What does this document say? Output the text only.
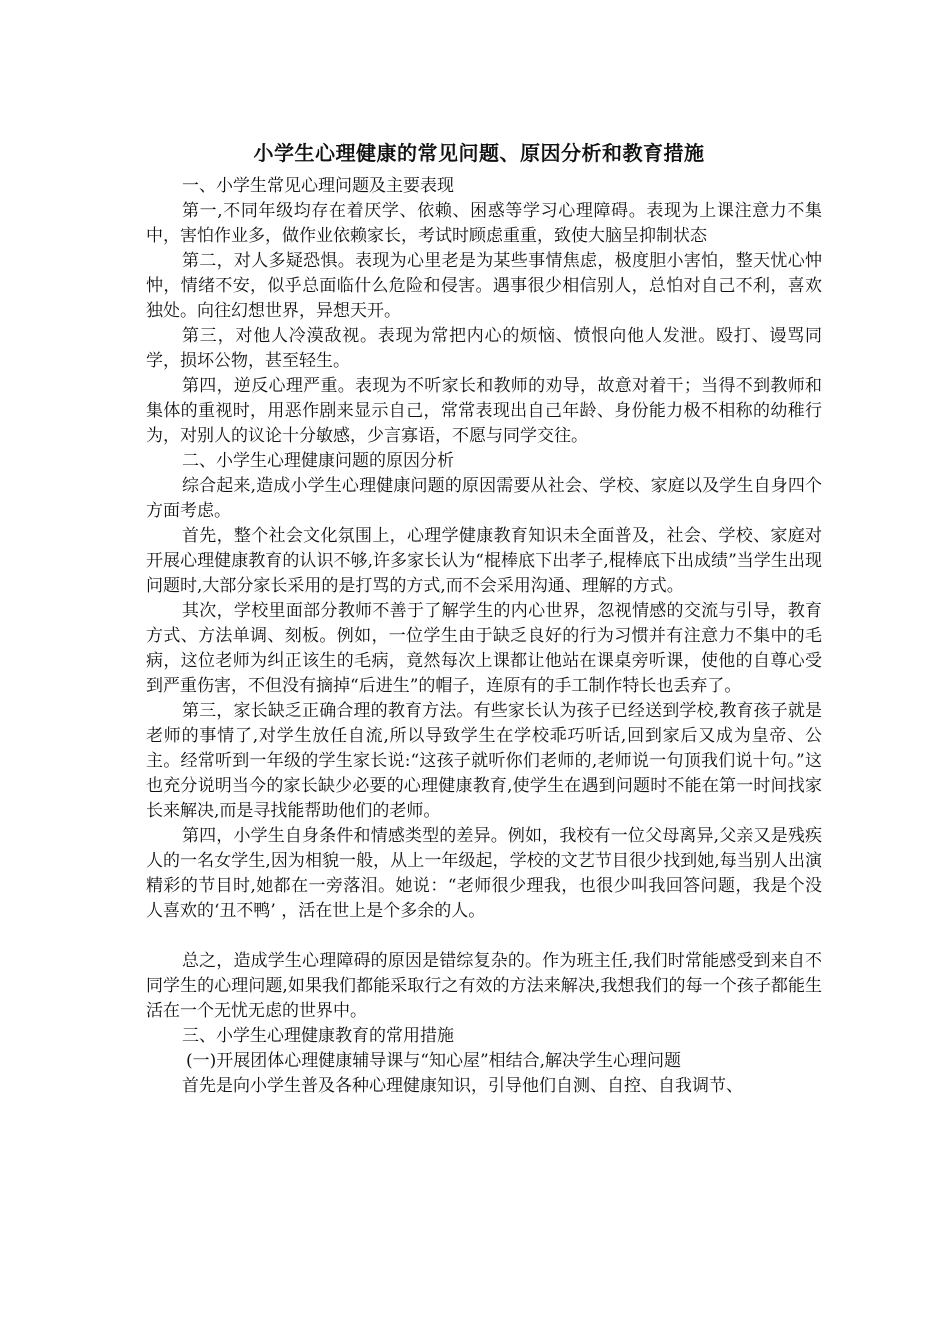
小学生心理健康的常见问题、原因分析和教育措施

一、小学生常见心理问题及主要表现

第一,不同年级均存在着厌学、依赖、困惑等学习心理障碍。表现为上课注意力不集中，害怕作业多，做作业依赖家长，考试时顾虑重重，致使大脑呈抑制状态

第二，对人多疑恐惧。表现为心里老是为某些事情焦虑，极度胆小害怕，整天忧心忡忡，情绪不安，似乎总面临什么危险和侵害。遇事很少相信别人，总怕对自己不利，喜欢独处。向往幻想世界，异想天开。

第三，对他人冷漠敌视。表现为常把内心的烦恼、愤恨向他人发泄。殴打、谩骂同学，损坏公物，甚至轻生。

第四，逆反心理严重。表现为不听家长和教师的劝导，故意对着干；当得不到教师和集体的重视时，用恶作剧来显示自己，常常表现出自己年龄、身份能力极不相称的幼稚行为，对别人的议论十分敏感，少言寡语，不愿与同学交往。

二、小学生心理健康问题的原因分析

综合起来,造成小学生心理健康问题的原因需要从社会、学校、家庭以及学生自身四个方面考虑。

首先，整个社会文化氛围上，心理学健康教育知识未全面普及，社会、学校、家庭对开展心理健康教育的认识不够,许多家长认为“棍棒底下出孝子,棍棒底下出成绩”当学生出现问题时,大部分家长采用的是打骂的方式,而不会采用沟通、理解的方式。

其次，学校里面部分教师不善于了解学生的内心世界，忽视情感的交流与引导，教育方式、方法单调、刻板。例如，一位学生由于缺乏良好的行为习惯并有注意力不集中的毛病，这位老师为纠正该生的毛病，竟然每次上课都让他站在课桌旁听课，使他的自尊心受到严重伤害，不但没有摘掉“后进生”的帽子，连原有的手工制作特长也丢弃了。

第三，家长缺乏正确合理的教育方法。有些家长认为孩子已经送到学校,教育孩子就是老师的事情了,对学生放任自流,所以导致学生在学校乖巧听话,回到家后又成为皇帝、公主。经常听到一年级的学生家长说:“这孩子就听你们老师的,老师说一句顶我们说十句。”这也充分说明当今的家长缺少必要的心理健康教育,使学生在遇到问题时不能在第一时间找家长来解决,而是寻找能帮助他们的老师。

第四，小学生自身条件和情感类型的差异。例如，我校有一位父母离异,父亲又是残疾人的一名女学生,因为相貌一般，从上一年级起，学校的文艺节目很少找到她,每当别人出演精彩的节目时,她都在一旁落泪。她说：“老师很少理我，也很少叫我回答问题，我是个没人喜欢的‘丑不鸭’ ，活在世上是个多余的人。

总之，造成学生心理障碍的原因是错综复杂的。作为班主任,我们时常能感受到来自不同学生的心理问题,如果我们都能采取行之有效的方法来解决,我想我们的每一个孩子都能生活在一个无忧无虑的世界中。

三、小学生心理健康教育的常用措施

(一)开展团体心理健康辅导课与“知心屋”相结合,解决学生心理问题

首先是向小学生普及各种心理健康知识，引导他们自测、自控、自我调节、
